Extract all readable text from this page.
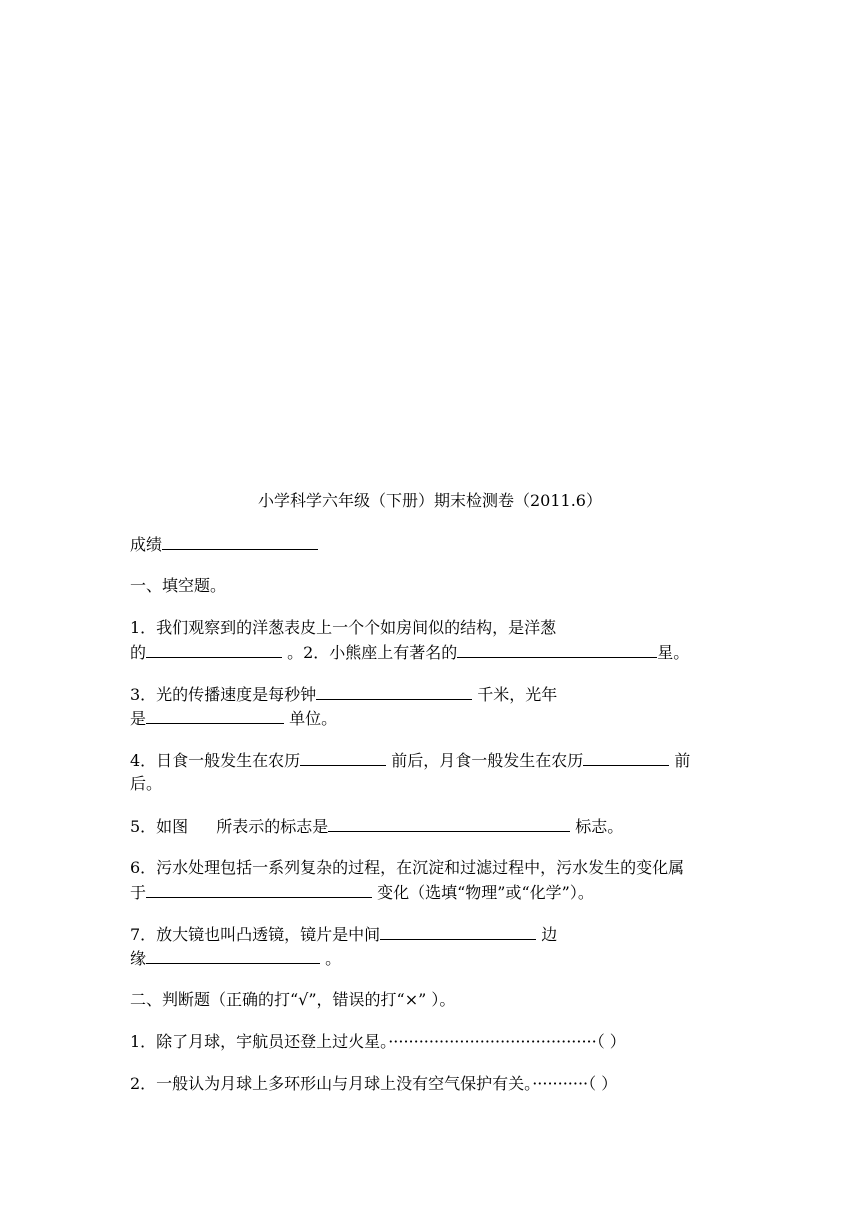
小学科学六年级（下册）期末检测卷（2011.6）
成绩
一、填空题。
1．我们观察到的洋葱表皮上一个个如房间似的结构，是洋葱
的	。2．小熊座上有著名的	星。
3．光的传播速度是每秒钟	千米，光年
是	单位。
4．日食一般发生在农历	前后，月食一般发生在农历	前
后。
5．如图 所表示的标志是	标志。
6．污水处理包括一系列复杂的过程，在沉淀和过滤过程中，污水发生的变化属
于	变化（选填“物理”或“化学”）。
7．放大镜也叫凸透镜，镜片是中间	边
缘	。
二、判断题（正确的打“√”，错误的打“×” ）。
1．除了月球，宇航员还登上过火星。·········································（ ）
2．一般认为月球上多环形山与月球上没有空气保护有关。···········（ ）
